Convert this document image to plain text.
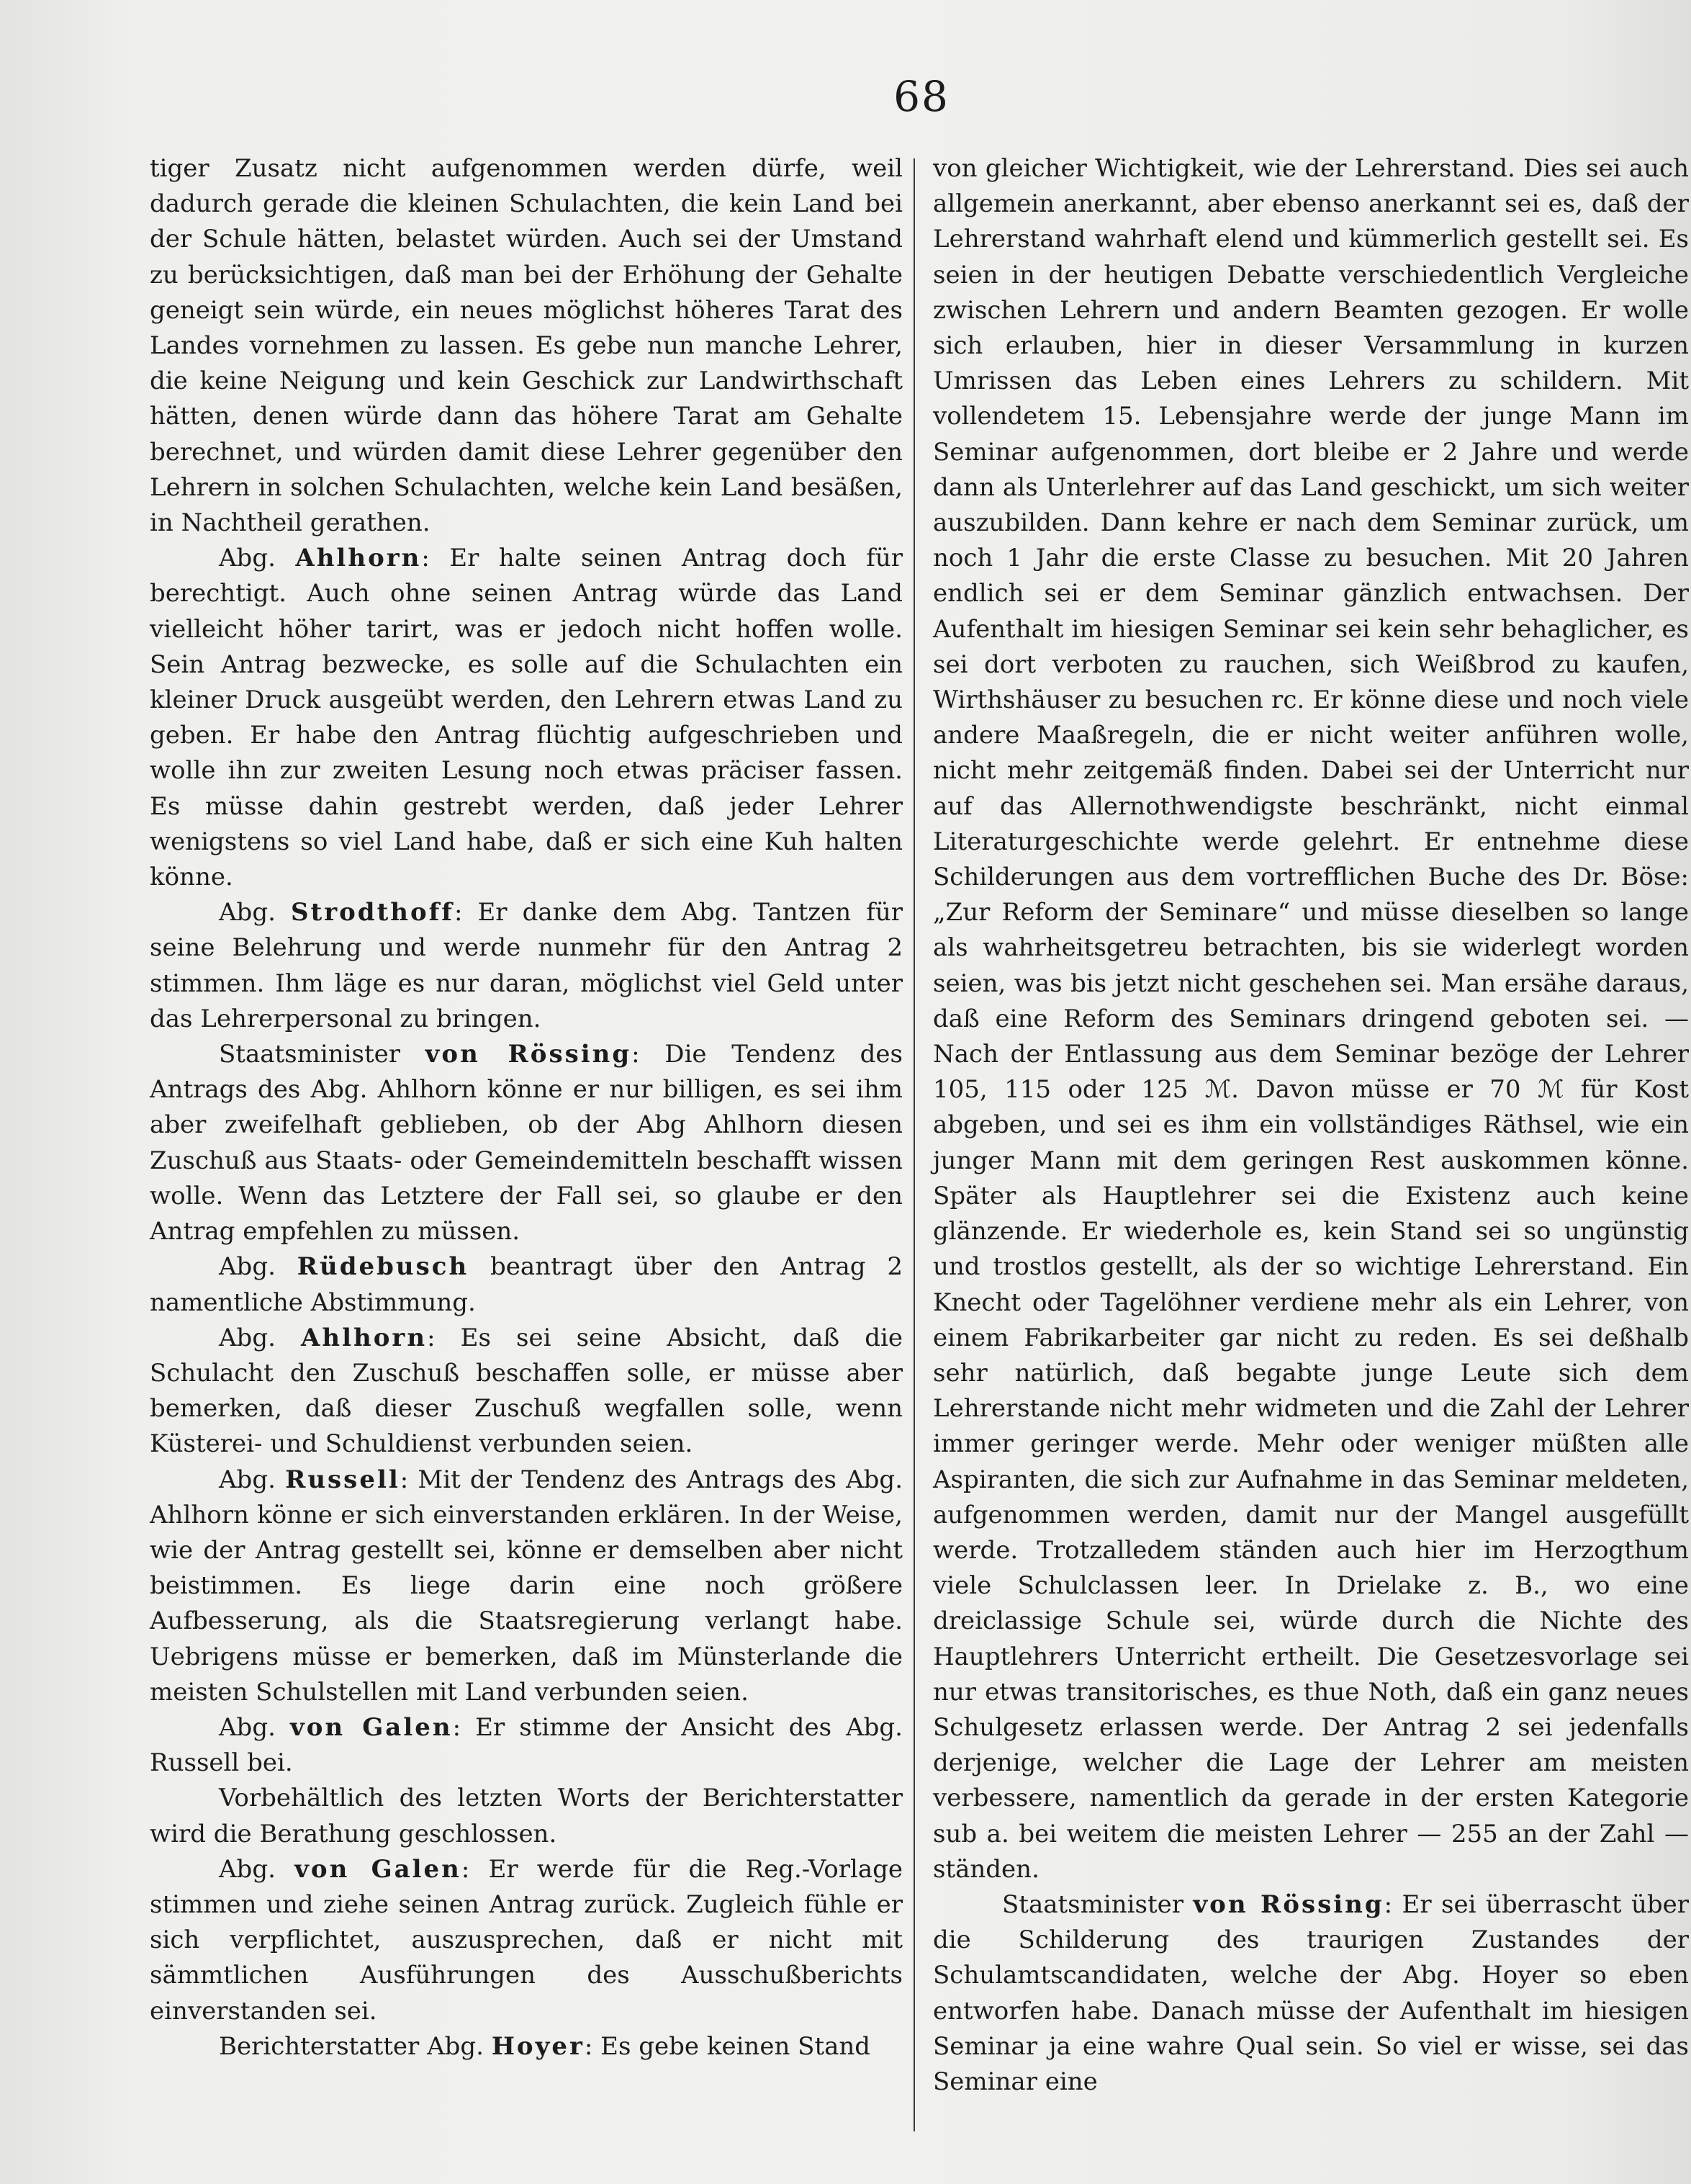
68

tiger Zusatz nicht aufgenommen werden dürfe, weil dadurch gerade die kleinen Schulachten, die kein Land bei der Schule hätten, belastet würden. Auch sei der Umstand zu berücksichtigen, daß man bei der Erhöhung der Gehalte geneigt sein würde, ein neues möglichst höheres Tarat des Landes vornehmen zu lassen. Es gebe nun manche Lehrer, die keine Neigung und kein Geschick zur Landwirthschaft hätten, denen würde dann das höhere Tarat am Gehalte berechnet, und würden damit diese Lehrer gegenüber den Lehrern in solchen Schulachten, welche kein Land besäßen, in Nachtheil gerathen.

Abg. Ahlhorn: Er halte seinen Antrag doch für berechtigt. Auch ohne seinen Antrag würde das Land vielleicht höher tarirt, was er jedoch nicht hoffen wolle. Sein Antrag bezwecke, es solle auf die Schulachten ein kleiner Druck ausgeübt werden, den Lehrern etwas Land zu geben. Er habe den Antrag flüchtig aufgeschrieben und wolle ihn zur zweiten Lesung noch etwas präciser fassen. Es müsse dahin gestrebt werden, daß jeder Lehrer wenigstens so viel Land habe, daß er sich eine Kuh halten könne.

Abg. Strodthoff: Er danke dem Abg. Tantzen für seine Belehrung und werde nunmehr für den Antrag 2 stimmen. Ihm läge es nur daran, möglichst viel Geld unter das Lehrerpersonal zu bringen.

Staatsminister von Rössing: Die Tendenz des Antrags des Abg. Ahlhorn könne er nur billigen, es sei ihm aber zweifelhaft geblieben, ob der Abg Ahlhorn diesen Zuschuß aus Staats- oder Gemeindemitteln beschafft wissen wolle. Wenn das Letztere der Fall sei, so glaube er den Antrag empfehlen zu müssen.

Abg. Rüdebusch beantragt über den Antrag 2 namentliche Abstimmung.

Abg. Ahlhorn: Es sei seine Absicht, daß die Schulacht den Zuschuß beschaffen solle, er müsse aber bemerken, daß dieser Zuschuß wegfallen solle, wenn Küsterei- und Schuldienst verbunden seien.

Abg. Russell: Mit der Tendenz des Antrags des Abg. Ahlhorn könne er sich einverstanden erklären. In der Weise, wie der Antrag gestellt sei, könne er demselben aber nicht beistimmen. Es liege darin eine noch größere Aufbesserung, als die Staatsregierung verlangt habe. Uebrigens müsse er bemerken, daß im Münsterlande die meisten Schulstellen mit Land verbunden seien.

Abg. von Galen: Er stimme der Ansicht des Abg. Russell bei.

Vorbehältlich des letzten Worts der Berichterstatter wird die Berathung geschlossen.

Abg. von Galen: Er werde für die Reg.-Vorlage stimmen und ziehe seinen Antrag zurück. Zugleich fühle er sich verpflichtet, auszusprechen, daß er nicht mit sämmtlichen Ausführungen des Ausschußberichts einverstanden sei.

Berichterstatter Abg. Hoyer: Es gebe keinen Stand

von gleicher Wichtigkeit, wie der Lehrerstand. Dies sei auch allgemein anerkannt, aber ebenso anerkannt sei es, daß der Lehrerstand wahrhaft elend und kümmerlich gestellt sei. Es seien in der heutigen Debatte verschiedentlich Vergleiche zwischen Lehrern und andern Beamten gezogen. Er wolle sich erlauben, hier in dieser Versammlung in kurzen Umrissen das Leben eines Lehrers zu schildern. Mit vollendetem 15. Lebensjahre werde der junge Mann im Seminar aufgenommen, dort bleibe er 2 Jahre und werde dann als Unterlehrer auf das Land geschickt, um sich weiter auszubilden. Dann kehre er nach dem Seminar zurück, um noch 1 Jahr die erste Classe zu besuchen. Mit 20 Jahren endlich sei er dem Seminar gänzlich entwachsen. Der Aufenthalt im hiesigen Seminar sei kein sehr behaglicher, es sei dort verboten zu rauchen, sich Weißbrod zu kaufen, Wirthshäuser zu besuchen rc. Er könne diese und noch viele andere Maaßregeln, die er nicht weiter anführen wolle, nicht mehr zeitgemäß finden. Dabei sei der Unterricht nur auf das Allernothwendigste beschränkt, nicht einmal Literaturgeschichte werde gelehrt. Er entnehme diese Schilderungen aus dem vortrefflichen Buche des Dr. Böse: „Zur Reform der Seminare“ und müsse dieselben so lange als wahrheitsgetreu betrachten, bis sie widerlegt worden seien, was bis jetzt nicht geschehen sei. Man ersähe daraus, daß eine Reform des Seminars dringend geboten sei. — Nach der Entlassung aus dem Seminar bezöge der Lehrer 105, 115 oder 125 ℳ. Davon müsse er 70 ℳ für Kost abgeben, und sei es ihm ein vollständiges Räthsel, wie ein junger Mann mit dem geringen Rest auskommen könne. Später als Hauptlehrer sei die Existenz auch keine glänzende. Er wiederhole es, kein Stand sei so ungünstig und trostlos gestellt, als der so wichtige Lehrerstand. Ein Knecht oder Tagelöhner verdiene mehr als ein Lehrer, von einem Fabrikarbeiter gar nicht zu reden. Es sei deßhalb sehr natürlich, daß begabte junge Leute sich dem Lehrerstande nicht mehr widmeten und die Zahl der Lehrer immer geringer werde. Mehr oder weniger müßten alle Aspiranten, die sich zur Aufnahme in das Seminar meldeten, aufgenommen werden, damit nur der Mangel ausgefüllt werde. Trotzalledem ständen auch hier im Herzogthum viele Schulclassen leer. In Drielake z. B., wo eine dreiclassige Schule sei, würde durch die Nichte des Hauptlehrers Unterricht ertheilt. Die Gesetzesvorlage sei nur etwas transitorisches, es thue Noth, daß ein ganz neues Schulgesetz erlassen werde. Der Antrag 2 sei jedenfalls derjenige, welcher die Lage der Lehrer am meisten verbessere, namentlich da gerade in der ersten Kategorie sub a. bei weitem die meisten Lehrer — 255 an der Zahl — ständen.

Staatsminister von Rössing: Er sei überrascht über die Schilderung des traurigen Zustandes der Schulamtscandidaten, welche der Abg. Hoyer so eben entworfen habe. Danach müsse der Aufenthalt im hiesigen Seminar ja eine wahre Qual sein. So viel er wisse, sei das Seminar eine
